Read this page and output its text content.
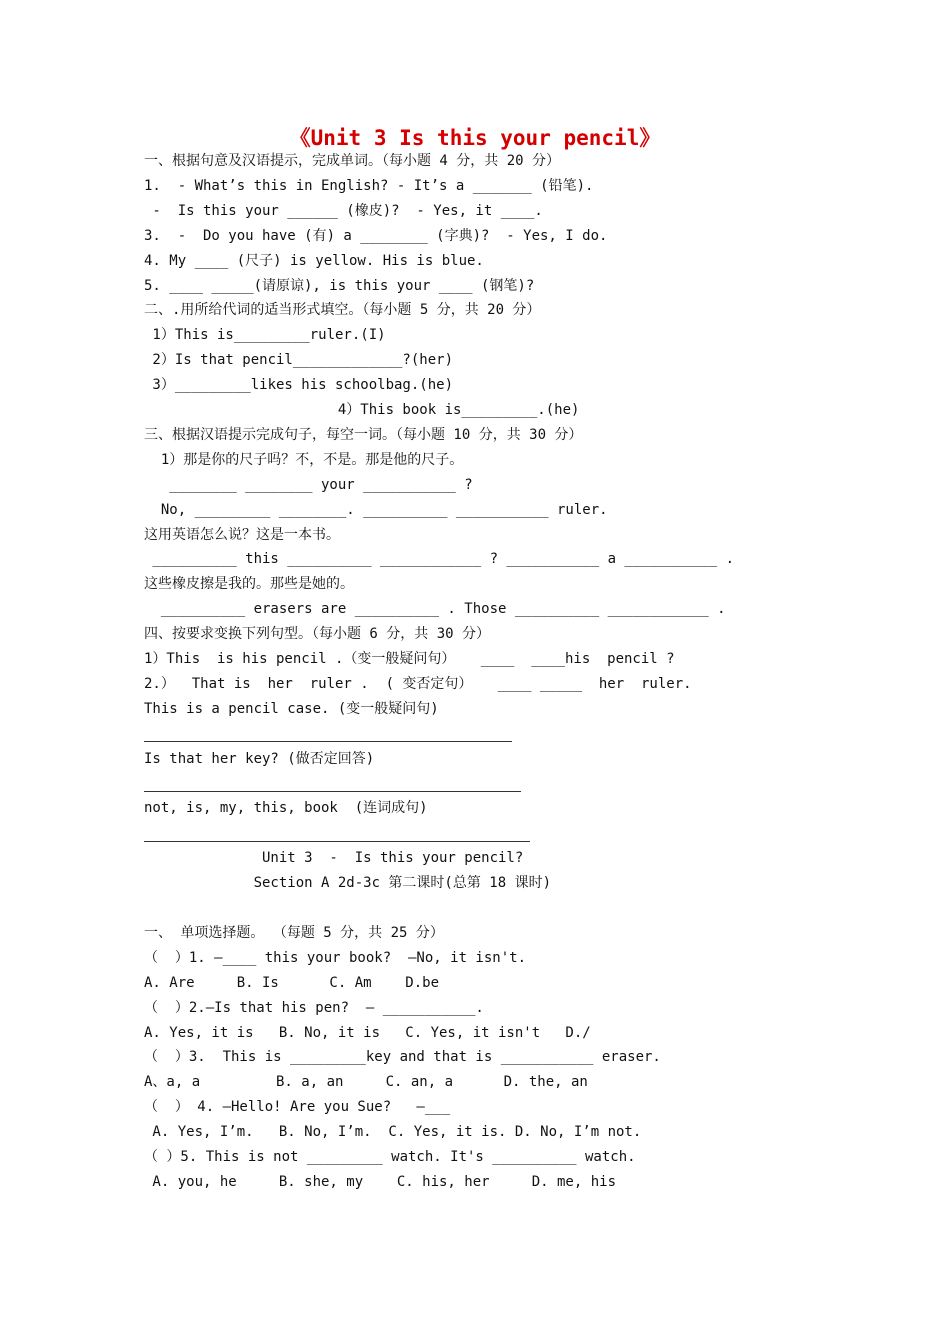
《Unit 3 Is this your pencil》
一、根据句意及汉语提示，完成单词。（每小题 4 分，共 20 分）
1.  - What’s this in English? - It’s a _______ (铅笔).
-  Is this your ______ (橡皮)?  - Yes, it ____.
3.  -  Do you have (有) a ________ (字典)?  - Yes, I do.
4. My ____ (尺子) is yellow. His is blue.
5. ____ _____(请原谅), is this your ____ (钢笔)?
二、.用所给代词的适当形式填空。（每小题 5 分，共 20 分）
1）This is_________ruler.(I)
2）Is that pencil_____________?(her)
3）_________likes his schoolbag.(he)
4）This book is_________.(he)
三、根据汉语提示完成句子，每空一词。（每小题 10 分，共 30 分）
1）那是你的尺子吗？不，不是。那是他的尺子。
________ ________ your ___________ ?
No, _________ ________. __________ ___________ ruler.
这用英语怎么说？这是一本书。
__________ this __________ ____________ ? ___________ a ___________ .
这些橡皮擦是我的。那些是她的。
__________ erasers are __________ . Those __________ ____________ .
四、按要求变换下列句型。（每小题 6 分，共 30 分）
1）This  is his pencil .（变一般疑问句）   ____  ____his  pencil ?
2.）  That is  her  ruler .  ( 变否定句）   ____ _____  her  ruler.
This is a pencil case. (变一般疑问句)
Is that her key? (做否定回答)
not, is, my, this, book  (连词成句)
Unit 3  -  Is this your pencil?
Section A 2d-3c 第二课时(总第 18 课时)
一、 单项选择题。 （每题 5 分，共 25 分）
（  ）1. —____ this your book?  —No, it isn't.
A. Are     B. Is      C. Am    D.be
（  ）2.—Is that his pen?  — ___________.
A. Yes, it is   B. No, it is   C. Yes, it isn't   D./
（  ）3.  This is _________key and that is ___________ eraser.
A、a, a         B. a, an     C. an, a      D. the, an
（  ） 4. —Hello! Are you Sue?   —___
A. Yes, I’m.   B. No, I’m.  C. Yes, it is. D. No, I’m not.
（ ）5. This is not _________ watch. It's __________ watch.
A. you, he     B. she, my    C. his, her     D. me, his
